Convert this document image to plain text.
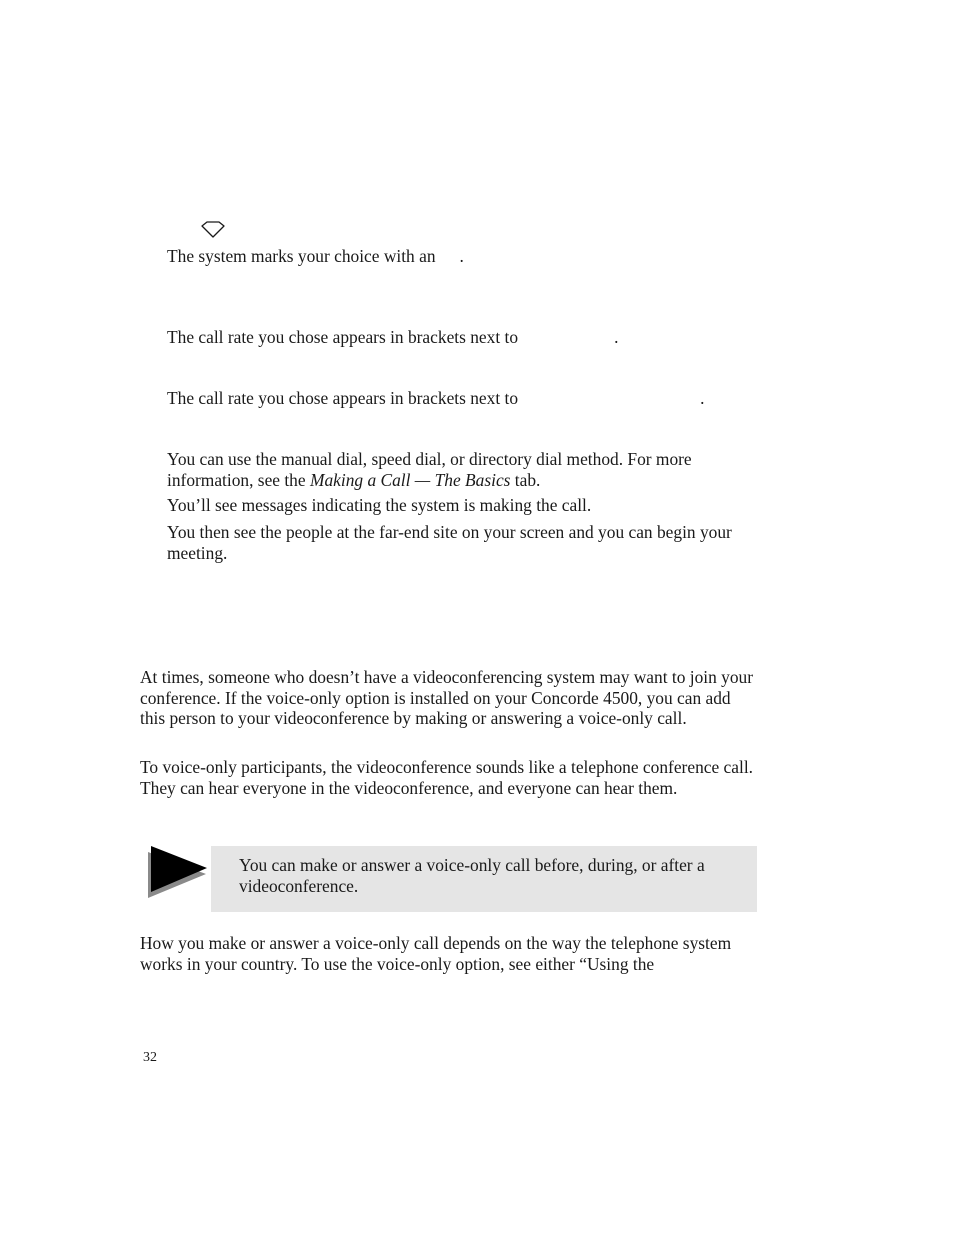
The system marks your choice with an .

The call rate you chose appears in brackets next to	.

The call rate you chose appears in brackets next to	.

You can use the manual dial, speed dial, or directory dial method. For more information, see the Making a Call — The Basics tab.

You’ll see messages indicating the system is making the call.

You then see the people at the far-end site on your screen and you can begin your meeting.

At times, someone who doesn’t have a videoconferencing system may want to join your conference. If the voice-only option is installed on your Concorde 4500, you can add this person to your videoconference by making or answering a voice-only call.

To voice-only participants, the videoconference sounds like a telephone conference call. They can hear everyone in the videoconference, and everyone can hear them.

You can make or answer a voice-only call before, during, or after a videoconference.

How you make or answer a voice-only call depends on the way the telephone system works in your country. To use the voice-only option, see either “Using the

32
